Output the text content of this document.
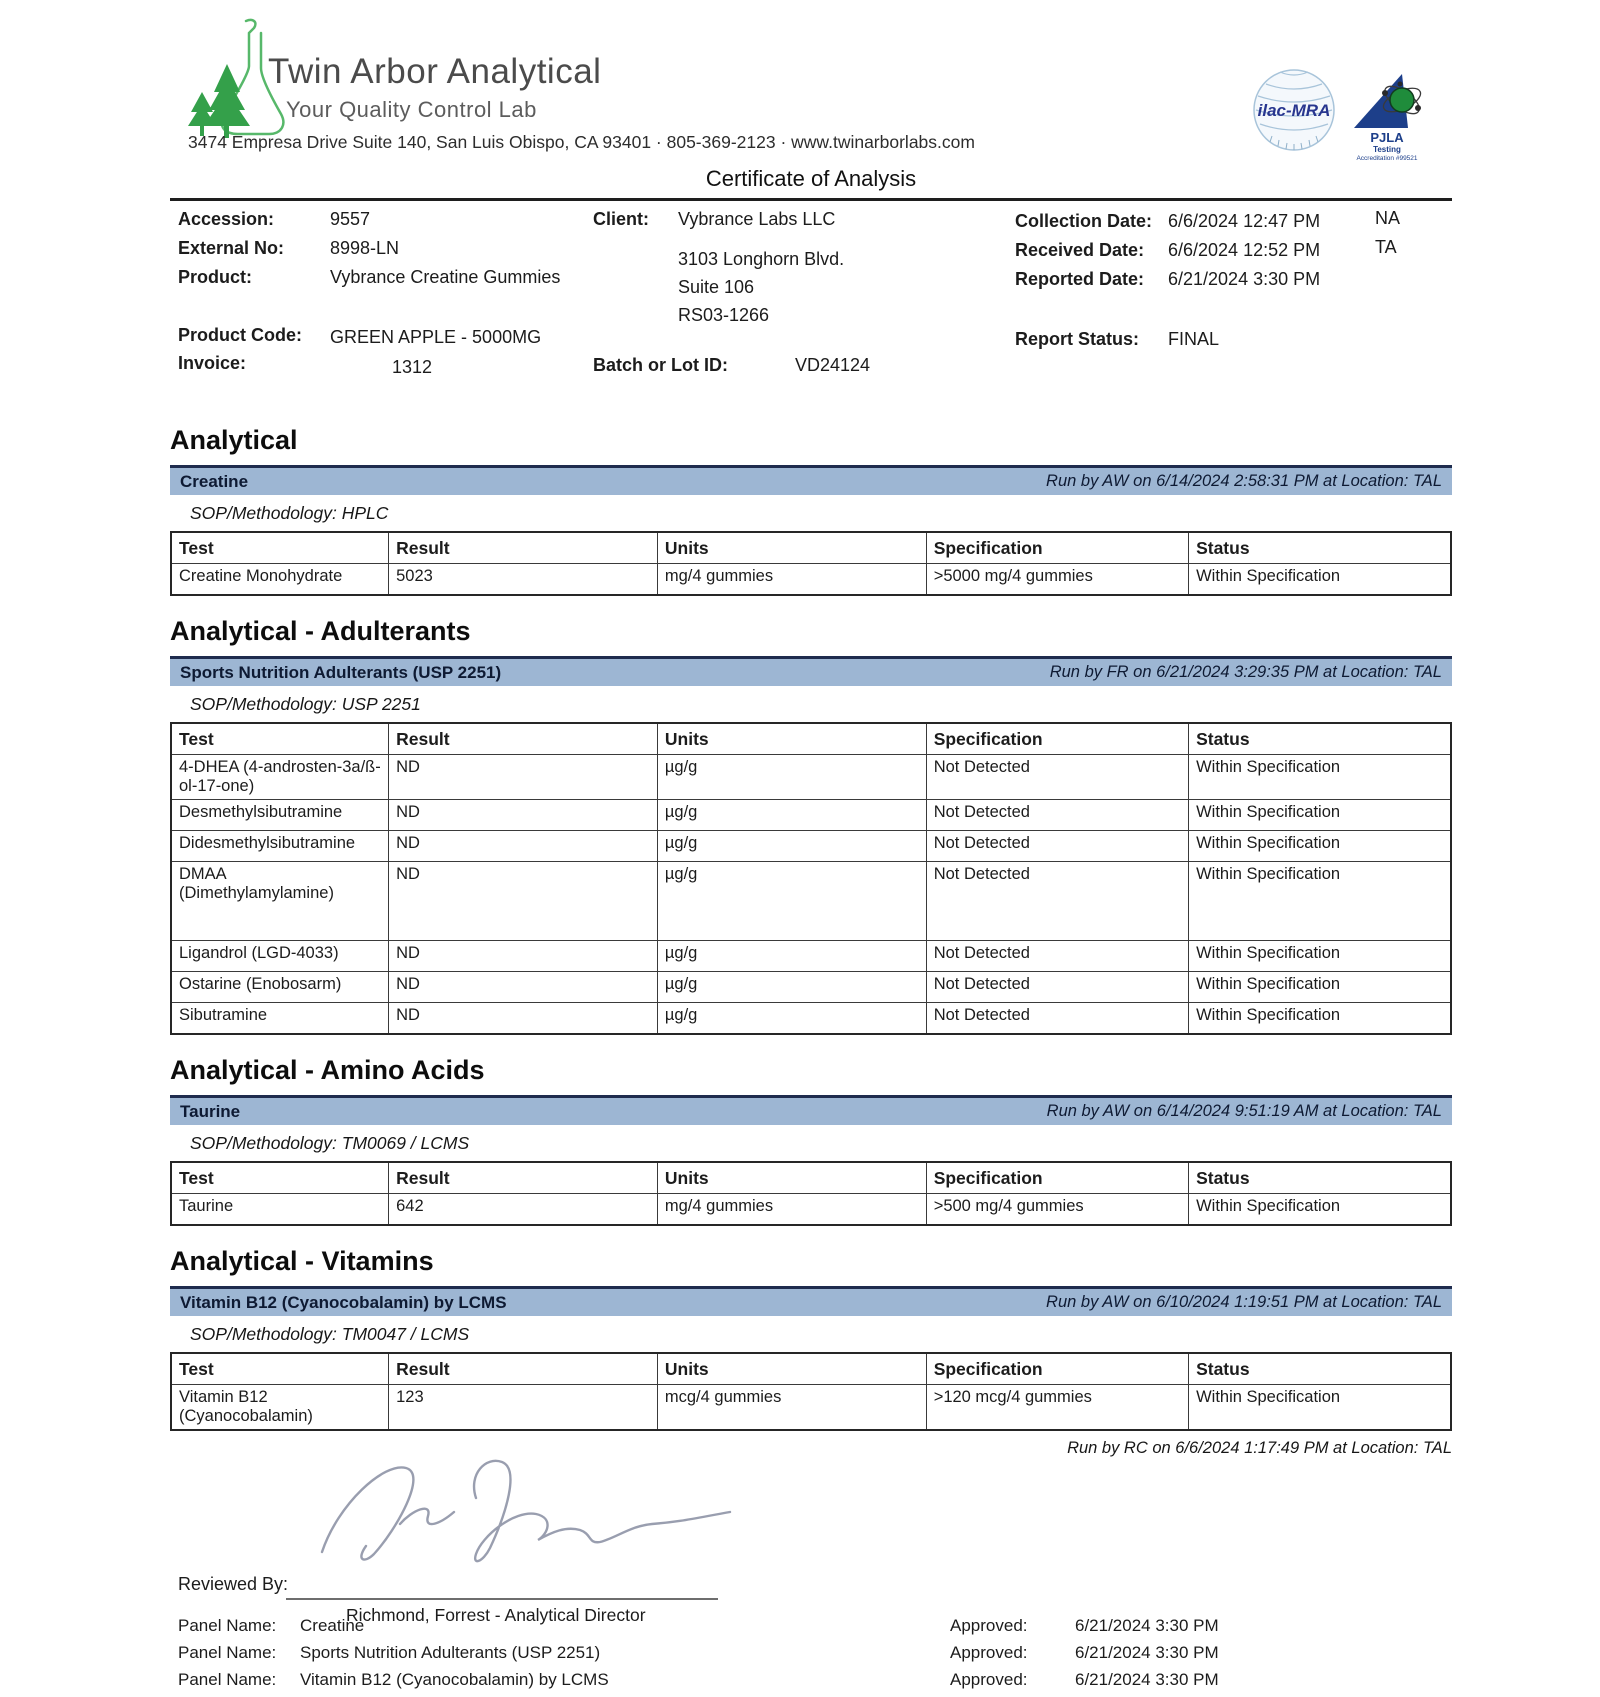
Twin Arbor Analytical
Your Quality Control Lab
3474 Empresa Drive Suite 140, San Luis Obispo, CA 93401 · 805-369-2123 · www.twinarborlabs.com
ilac-MRA
PJLA
Testing
Accreditation #99521
Certificate of Analysis
Accession:	9557
External No:	8998-LN
Product:	Vybrance Creatine Gummies
Product Code: GREEN APPLE - 5000MG
Invoice:	1312
Client: Vybrance Labs LLC
3103 Longhorn Blvd.
Suite 106
RS03-1266
Batch or Lot ID:	VD24124
Collection Date: 6/6/2024 12:47 PM	NA
Received Date: 6/6/2024 12:52 PM	TA
Reported Date: 6/21/2024 3:30 PM
Report Status: FINAL
Analytical
Creatine	Run by AW on 6/14/2024 2:58:31 PM at Location: TAL
SOP/Methodology: HPLC
Test	Result	Units	Specification	Status
Creatine Monohydrate	5023	mg/4 gummies	>5000 mg/4 gummies	Within Specification
Analytical - Adulterants
Sports Nutrition Adulterants (USP 2251)	Run by FR on 6/21/2024 3:29:35 PM at Location: TAL
SOP/Methodology: USP 2251
Test	Result	Units	Specification	Status
4-DHEA (4-androsten-3a/ß-ol-17-one)	ND	µg/g	Not Detected	Within Specification
Desmethylsibutramine	ND	µg/g	Not Detected	Within Specification
Didesmethylsibutramine	ND	µg/g	Not Detected	Within Specification
DMAA (Dimethylamylamine)	ND	µg/g	Not Detected	Within Specification
Ligandrol (LGD-4033)	ND	µg/g	Not Detected	Within Specification
Ostarine (Enobosarm)	ND	µg/g	Not Detected	Within Specification
Sibutramine	ND	µg/g	Not Detected	Within Specification
Analytical - Amino Acids
Taurine	Run by AW on 6/14/2024 9:51:19 AM at Location: TAL
SOP/Methodology: TM0069 / LCMS
Test	Result	Units	Specification	Status
Taurine	642	mg/4 gummies	>500 mg/4 gummies	Within Specification
Analytical - Vitamins
Vitamin B12 (Cyanocobalamin) by LCMS	Run by AW on 6/10/2024 1:19:51 PM at Location: TAL
SOP/Methodology: TM0047 / LCMS
Test	Result	Units	Specification	Status
Vitamin B12 (Cyanocobalamin)	123	mcg/4 gummies	>120 mcg/4 gummies	Within Specification
Run by RC on 6/6/2024 1:17:49 PM at Location: TAL
Reviewed By:
Richmond, Forrest - Analytical Director
Panel Name: Creatine	Approved:	6/21/2024 3:30 PM
Panel Name: Sports Nutrition Adulterants (USP 2251)	Approved:	6/21/2024 3:30 PM
Panel Name: Vitamin B12 (Cyanocobalamin) by LCMS	Approved:	6/21/2024 3:30 PM
